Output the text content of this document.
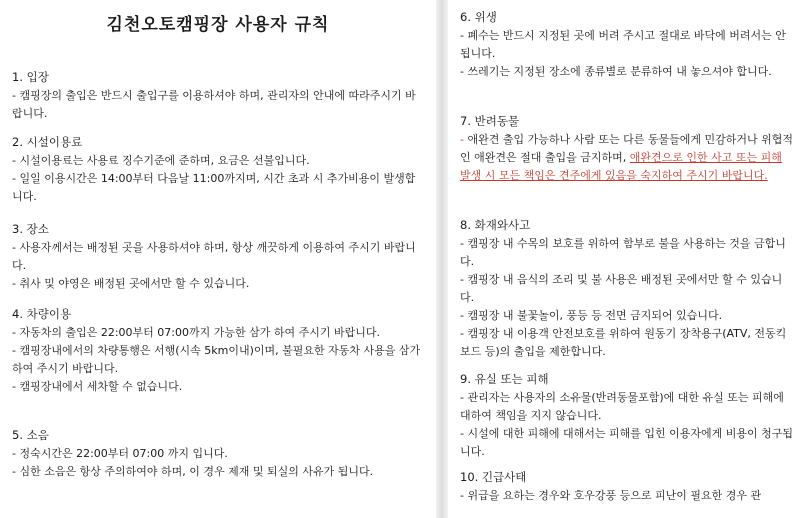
김천오토캠핑장 사용자 규칙
1. 입장
- 캠핑장의 출입은 반드시 출입구를 이용하셔야 하며, 관리자의 안내에 따라주시기 바랍니다.
2. 시설이용료
- 시설이용료는 사용료 징수기준에 준하며, 요금은 선불입니다.
- 일일 이용시간은 14:00부터 다음날 11:00까지며, 시간 초과 시 추가비용이 발생합니다.
3. 장소
- 사용자께서는 배정된 곳을 사용하셔야 하며, 항상 깨끗하게 이용하여 주시기 바랍니다.
- 취사 및 야영은 배정된 곳에서만 할 수 있습니다.
4. 차량이용
- 자동차의 출입은 22:00부터 07:00까지 가능한 삼가 하여 주시기 바랍니다.
- 캠핑장내에서의 차량통행은 서행(시속 5km이내)이며, 불필요한 자동차 사용을 삼가 하여 주시기 바랍니다.
- 캠핑장내에서 세차할 수 없습니다.
5. 소음
- 정숙시간은 22:00부터 07:00 까지 입니다.
- 심한 소음은 항상 주의하여야 하며, 이 경우 제재 및 퇴실의 사유가 됩니다.
6. 위생
- 폐수는 반드시 지정된 곳에 버려 주시고 절대로 바닥에 버려서는 안 됩니다.
- 쓰레기는 지정된 장소에 종류별로 분류하여 내 놓으셔야 합니다.
7. 반려동물
- 애완견 출입 가능하나 사람 또는 다른 동물들에게 민감하거나 위협적인 애완견은 절대 출입을 금지하며, 애완견으로 인한 사고 또는 피해 발생 시 모든 책임은 견주에게 있음을 숙지하여 주시기 바랍니다.
8. 화재와사고
- 캠핑장 내 수목의 보호를 위하여 함부로 불을 사용하는 것을 금합니다.
- 캠핑장 내 음식의 조리 및 불 사용은 배정된 곳에서만 할 수 있습니다.
- 캠핑장 내 불꽃놀이, 풍등 등 전면 금지되어 있습니다.
- 캠핑장 내 이용객 안전보호를 위하여 원동기 장착용구(ATV, 전동킥보드 등)의 출입을 제한합니다.
9. 유실 또는 피해
- 관리자는 사용자의 소유물(반려동물포함)에 대한 유실 또는 피해에 대하여 책임을 지지 않습니다.
- 시설에 대한 피해에 대해서는 피해를 입힌 이용자에게 비용이 청구됩니다.
10. 긴급사태
- 위급을 요하는 경우와 호우강풍 등으로 피난이 필요한 경우 관
